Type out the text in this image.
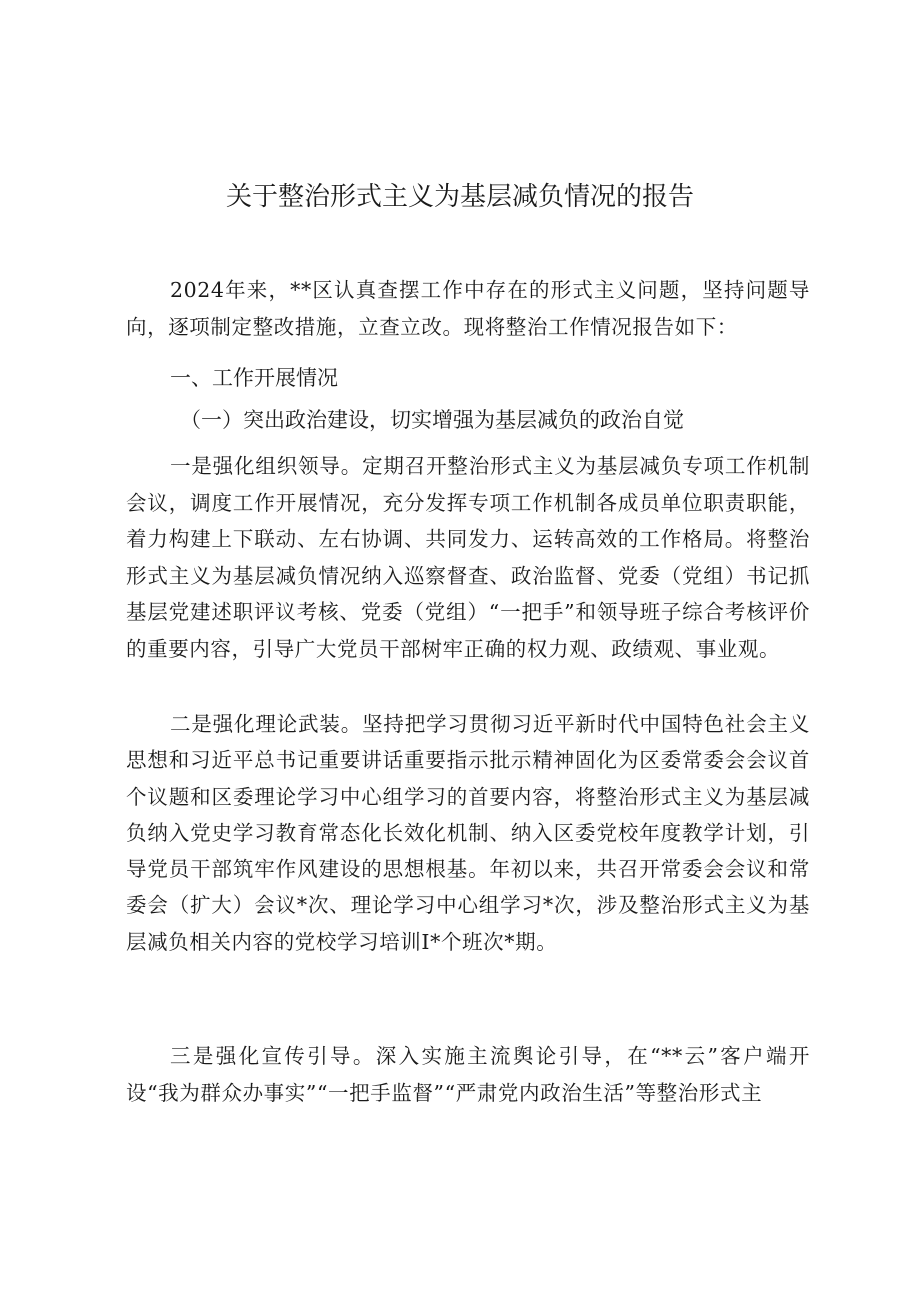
关于整治形式主义为基层减负情况的报告

2024年来，**区认真查摆工作中存在的形式主义问题，坚持问题导向，逐项制定整改措施，立查立改。现将整治工作情况报告如下：

一、工作开展情况
（一）突出政治建设，切实增强为基层减负的政治自觉

一是强化组织领导。定期召开整治形式主义为基层减负专项工作机制会议，调度工作开展情况，充分发挥专项工作机制各成员单位职责职能，着力构建上下联动、左右协调、共同发力、运转高效的工作格局。将整治形式主义为基层减负情况纳入巡察督查、政治监督、党委（党组）书记抓基层党建述职评议考核、党委（党组）“一把手”和领导班子综合考核评价的重要内容，引导广大党员干部树牢正确的权力观、政绩观、事业观。

二是强化理论武装。坚持把学习贯彻习近平新时代中国特色社会主义思想和习近平总书记重要讲话重要指示批示精神固化为区委常委会会议首个议题和区委理论学习中心组学习的首要内容，将整治形式主义为基层减负纳入党史学习教育常态化长效化机制、纳入区委党校年度教学计划，引导党员干部筑牢作风建设的思想根基。年初以来，共召开常委会会议和常委会（扩大）会议*次、理论学习中心组学习*次，涉及整治形式主义为基层减负相关内容的党校学习培训I*个班次*期。

三是强化宣传引导。深入实施主流舆论引导，在“**云”客户端开设“我为群众办事实”“一把手监督”“严肃党内政治生活”等整治形式主
